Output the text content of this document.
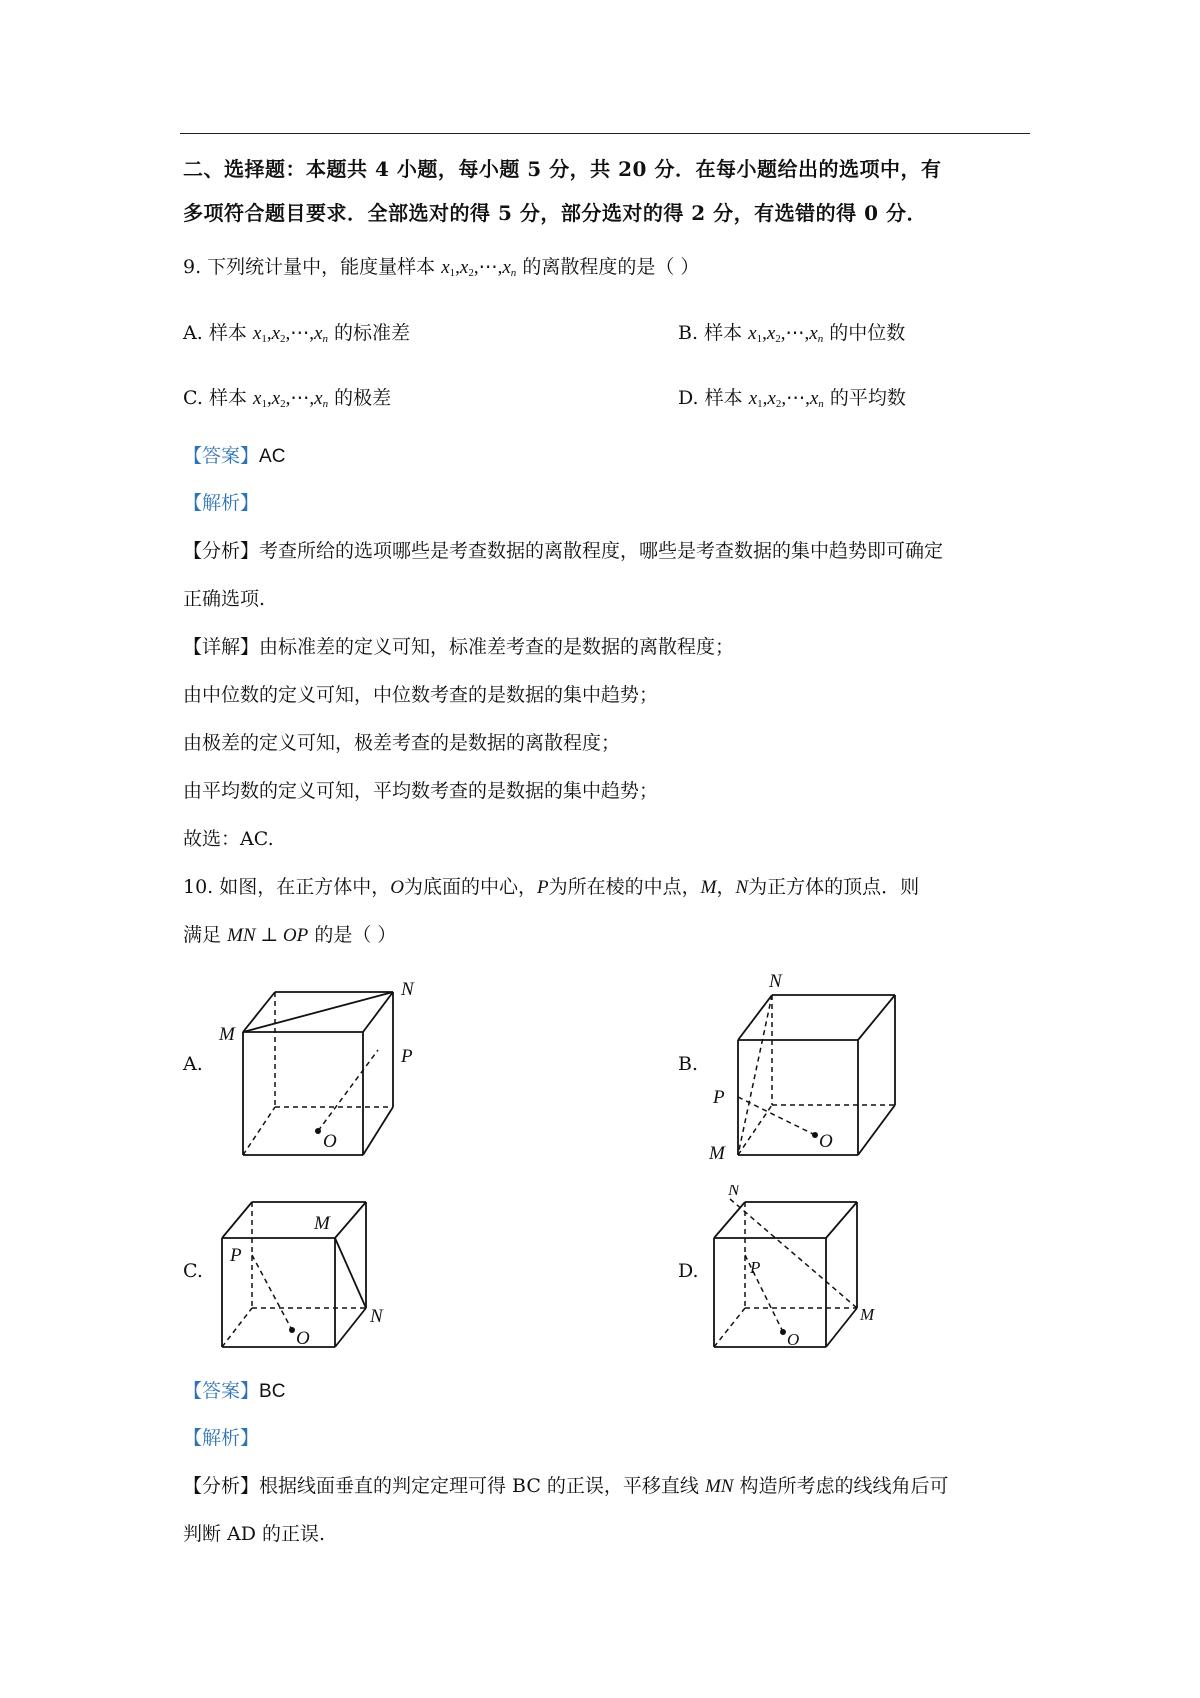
二、选择题：本题共 4 小题，每小题 5 分，共 20 分．在每小题给出的选项中，有
多项符合题目要求．全部选对的得 5 分，部分选对的得 2 分，有选错的得 0 分．
9. 下列统计量中，能度量样本 $x_1,x_2,\cdots,x_n$ 的离散程度的是（ ）
A. 样本 $x_1,x_2,\cdots,x_n$ 的标准差	B. 样本 $x_1,x_2,\cdots,x_n$ 的中位数
C. 样本 $x_1,x_2,\cdots,x_n$ 的极差	D. 样本 $x_1,x_2,\cdots,x_n$ 的平均数
【答案】AC
【解析】
【分析】考查所给的选项哪些是考查数据的离散程度，哪些是考查数据的集中趋势即可确定
正确选项.
【详解】由标准差的定义可知，标准差考查的是数据的离散程度；
由中位数的定义可知，中位数考查的是数据的集中趋势；
由极差的定义可知，极差考查的是数据的离散程度；
由平均数的定义可知，平均数考查的是数据的集中趋势；
故选：AC.
10. 如图，在正方体中，O为底面的中心，P为所在棱的中点，M，N为正方体的顶点．则
满足 MN ⊥ OP 的是（ ）
A.
M
N
P
O
B.
N
P
M
O
C.
M
P
N
O
D.
N
P
M
O
【答案】BC
【解析】
【分析】根据线面垂直的判定定理可得 BC 的正误，平移直线 MN 构造所考虑的线线角后可
判断 AD 的正误.
